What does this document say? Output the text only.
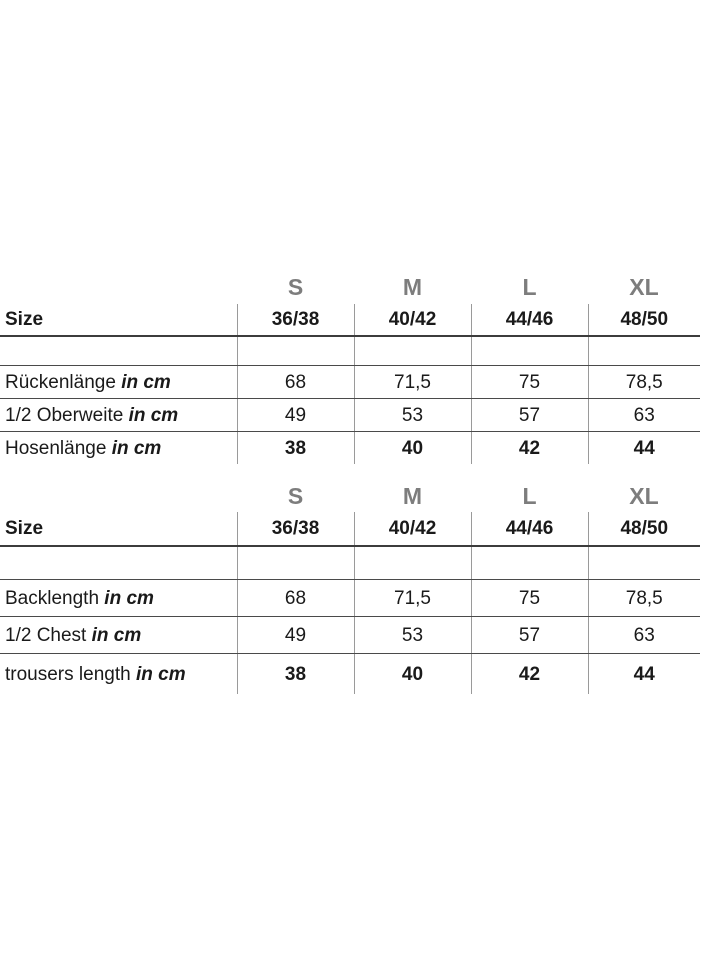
	S	M	L	XL
Size	36/38	40/42	44/46	48/50

Rückenlänge in cm	68	71,5	75	78,5
1/2 Oberweite in cm	49	53	57	63
Hosenlänge in cm	38	40	42	44
	S	M	L	XL
Size	36/38	40/42	44/46	48/50

Backlength in cm	68	71,5	75	78,5
1/2 Chest in cm	49	53	57	63
trousers length in cm	38	40	42	44
